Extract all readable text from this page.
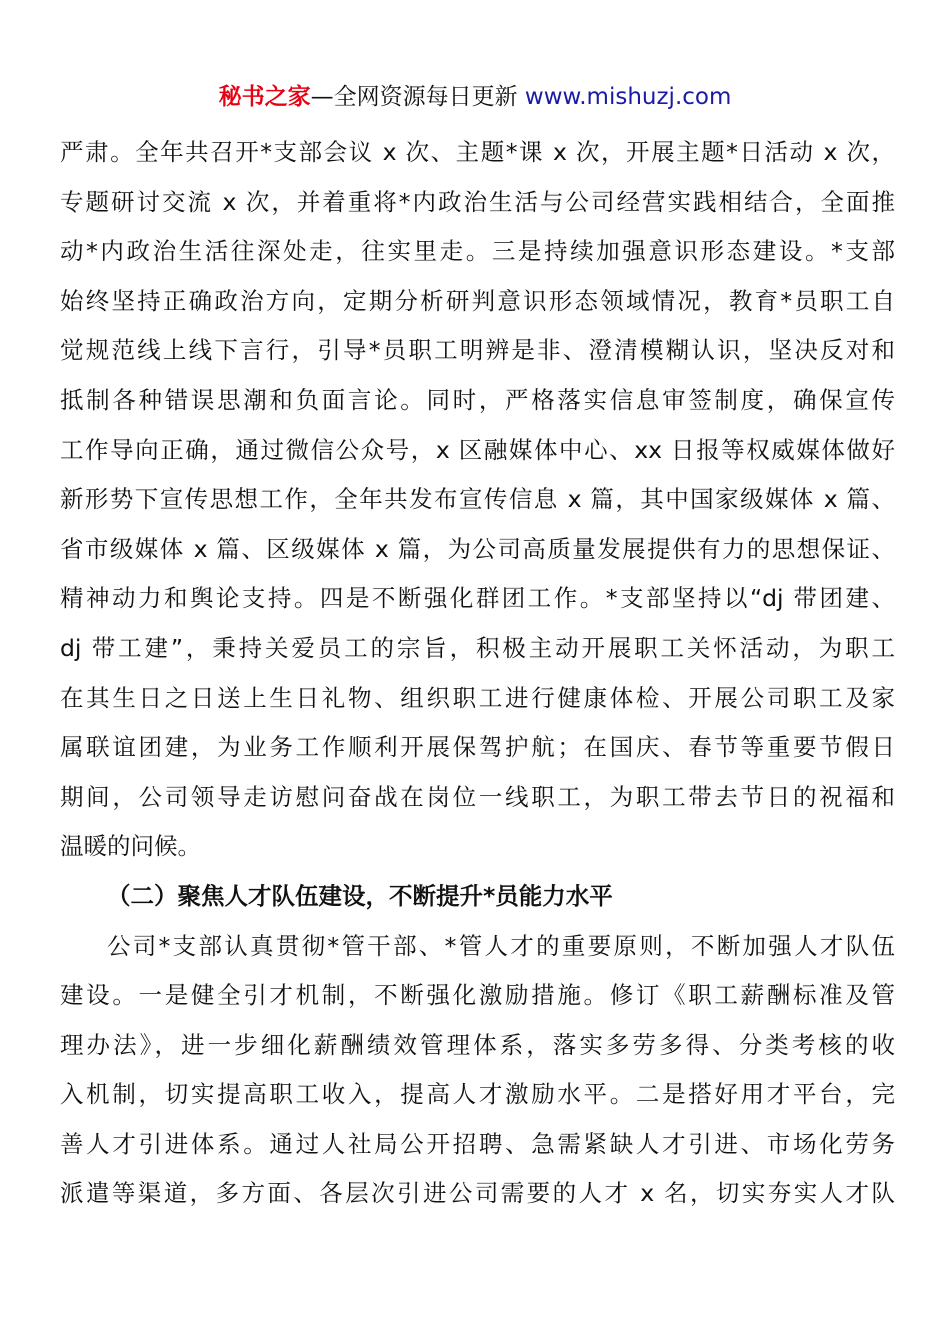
秘书之家—全网资源每日更新 www.mishuzj.com
严肃。全年共召开*支部会议 x 次、主题*课 x 次，开展主题*日活动 x 次，
专题研讨交流 x 次，并着重将*内政治生活与公司经营实践相结合，全面推
动*内政治生活往深处走，往实里走。三是持续加强意识形态建设。*支部
始终坚持正确政治方向，定期分析研判意识形态领域情况，教育*员职工自
觉规范线上线下言行，引导*员职工明辨是非、澄清模糊认识，坚决反对和
抵制各种错误思潮和负面言论。同时，严格落实信息审签制度，确保宣传
工作导向正确，通过微信公众号，x 区融媒体中心、xx 日报等权威媒体做好
新形势下宣传思想工作，全年共发布宣传信息 x 篇，其中国家级媒体 x 篇、
省市级媒体 x 篇、区级媒体 x 篇，为公司高质量发展提供有力的思想保证、
精神动力和舆论支持。四是不断强化群团工作。*支部坚持以“dj 带团建、
dj 带工建”，秉持关爱员工的宗旨，积极主动开展职工关怀活动，为职工
在其生日之日送上生日礼物、组织职工进行健康体检、开展公司职工及家
属联谊团建，为业务工作顺利开展保驾护航；在国庆、春节等重要节假日
期间，公司领导走访慰问奋战在岗位一线职工，为职工带去节日的祝福和
温暖的问候。
（二）聚焦人才队伍建设，不断提升*员能力水平
公司*支部认真贯彻*管干部、*管人才的重要原则，不断加强人才队伍
建设。一是健全引才机制，不断强化激励措施。修订《职工薪酬标准及管
理办法》，进一步细化薪酬绩效管理体系，落实多劳多得、分类考核的收
入机制，切实提高职工收入，提高人才激励水平。二是搭好用才平台，完
善人才引进体系。通过人社局公开招聘、急需紧缺人才引进、市场化劳务
派遣等渠道，多方面、各层次引进公司需要的人才 x 名，切实夯实人才队
